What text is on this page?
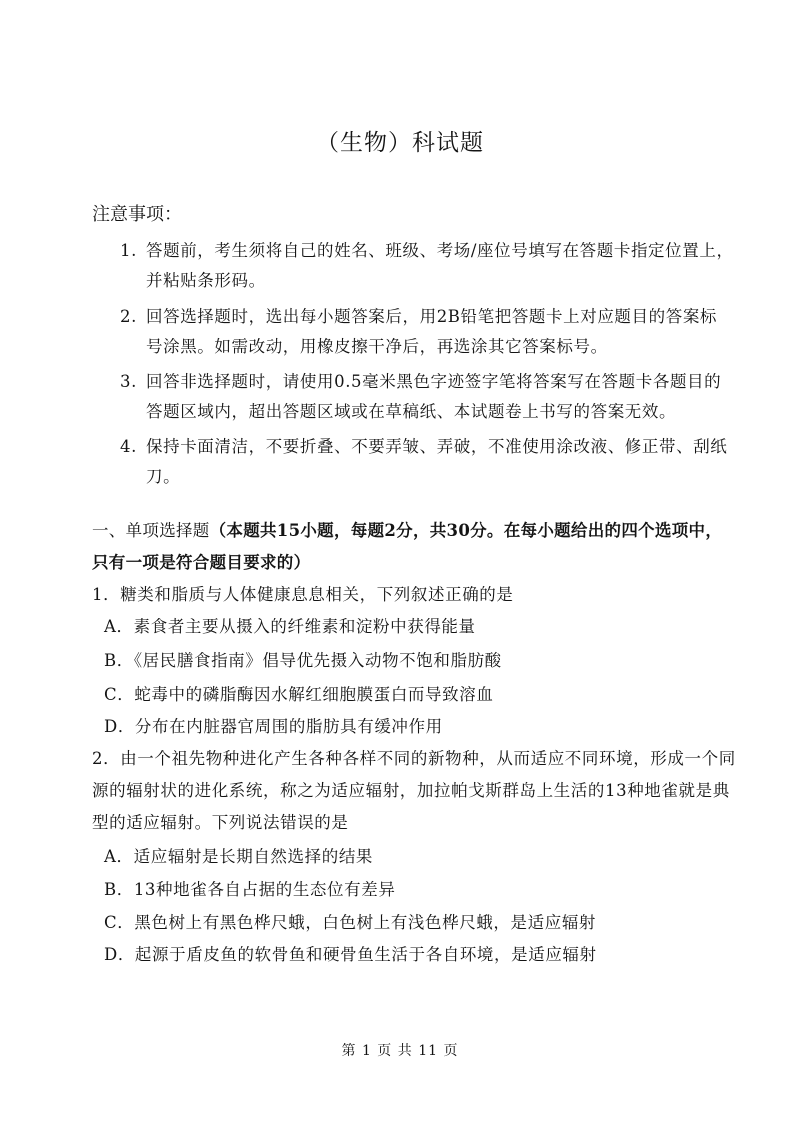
（生物）科试题
注意事项：
1. 答题前，考生须将自己的姓名、班级、考场/座位号填写在答题卡指定位置上，
并粘贴条形码。
2. 回答选择题时，选出每小题答案后，用2B铅笔把答题卡上对应题目的答案标
号涂黑。如需改动，用橡皮擦干净后，再选涂其它答案标号。
3. 回答非选择题时，请使用0.5毫米黑色字迹签字笔将答案写在答题卡各题目的
答题区域内，超出答题区域或在草稿纸、本试题卷上书写的答案无效。
4. 保持卡面清洁，不要折叠、不要弄皱、弄破，不准使用涂改液、修正带、刮纸
刀。
一、单项选择题（本题共15小题，每题2分，共30分。在每小题给出的四个选项中，
只有一项是符合题目要求的）
1．糖类和脂质与人体健康息息相关，下列叙述正确的是
A．素食者主要从摄入的纤维素和淀粉中获得能量
B．《居民膳食指南》倡导优先摄入动物不饱和脂肪酸
C．蛇毒中的磷脂酶因水解红细胞膜蛋白而导致溶血
D．分布在内脏器官周围的脂肪具有缓冲作用
2．由一个祖先物种进化产生各种各样不同的新物种，从而适应不同环境，形成一个同
源的辐射状的进化系统，称之为适应辐射，加拉帕戈斯群岛上生活的13种地雀就是典
型的适应辐射。下列说法错误的是
A．适应辐射是长期自然选择的结果
B．13种地雀各自占据的生态位有差异
C．黑色树上有黑色桦尺蛾，白色树上有浅色桦尺蛾，是适应辐射
D．起源于盾皮鱼的软骨鱼和硬骨鱼生活于各自环境，是适应辐射
第 1 页 共 11 页
